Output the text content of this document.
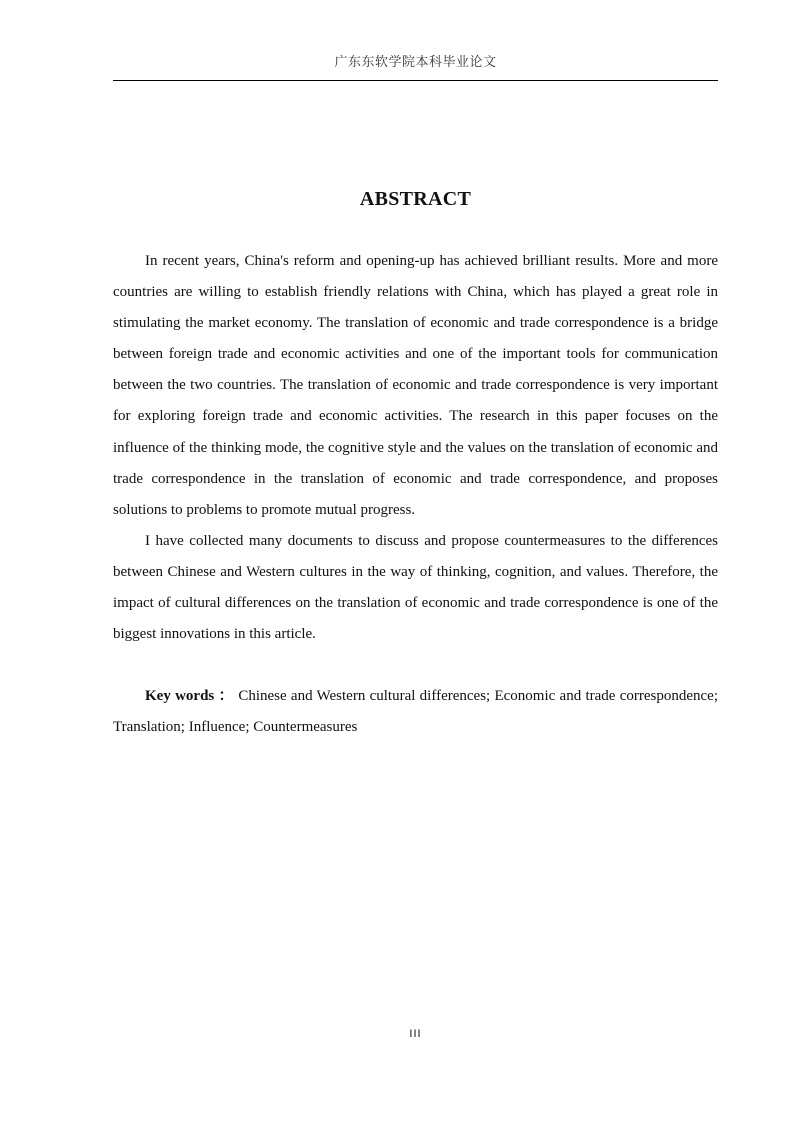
广东东软学院本科毕业论文
ABSTRACT

In recent years, China's reform and opening-up has achieved brilliant results. More and more countries are willing to establish friendly relations with China, which has played a great role in stimulating the market economy. The translation of economic and trade correspondence is a bridge between foreign trade and economic activities and one of the important tools for communication between the two countries. The translation of economic and trade correspondence is very important for exploring foreign trade and economic activities. The research in this paper focuses on the influence of the thinking mode, the cognitive style and the values on the translation of economic and trade correspondence in the translation of economic and trade correspondence, and proposes solutions to problems to promote mutual progress.

I have collected many documents to discuss and propose countermeasures to the differences between Chinese and Western cultures in the way of thinking, cognition, and values. Therefore, the impact of cultural differences on the translation of economic and trade correspondence is one of the biggest innovations in this article.

Key words ： Chinese and Western cultural differences; Economic and trade correspondence; Translation; Influence; Countermeasures

III
